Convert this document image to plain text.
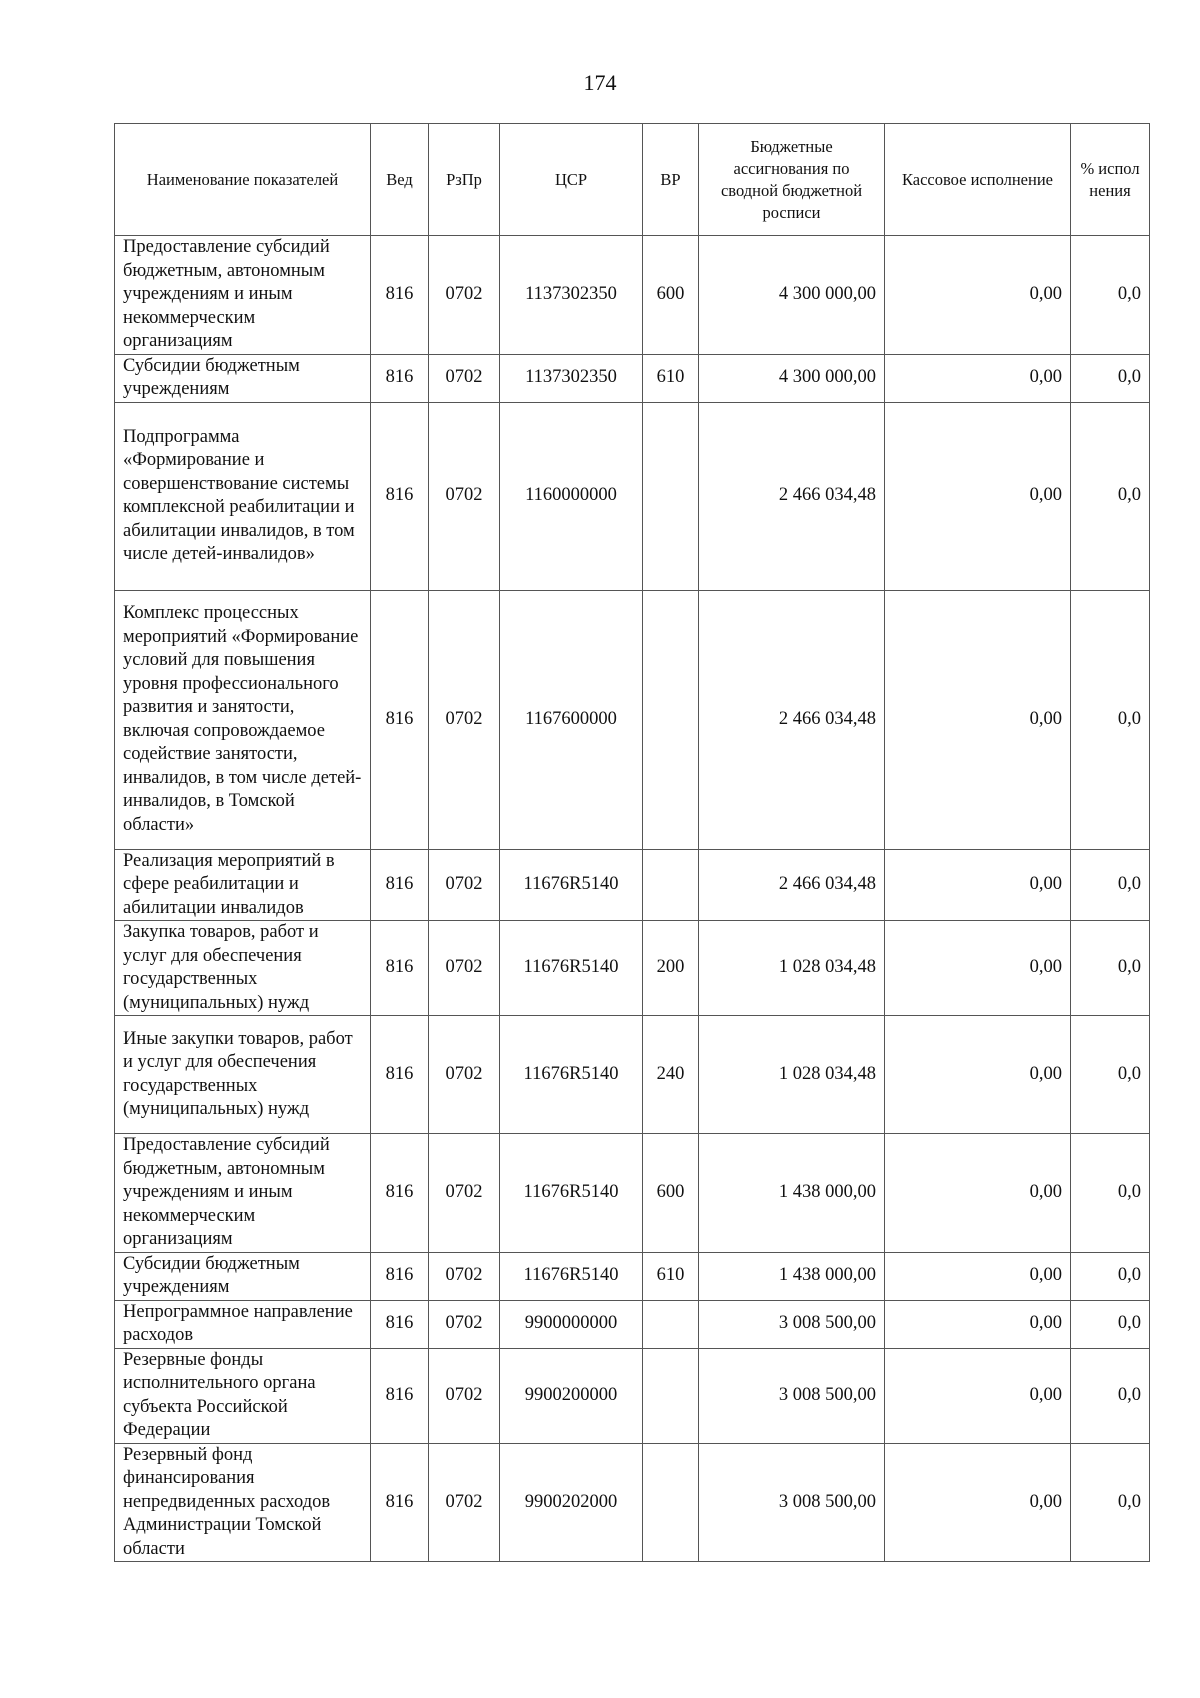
174
Наименование показателей	Вед	РзПр	ЦСР	ВР	Бюджетные ассигнования по сводной бюджетной росписи	Кассовое исполнение	% испол нения
Предоставление субсидий бюджетным, автономным учреждениям и иным некоммерческим организациям	816	0702	1137302350	600	4 300 000,00	0,00	0,0
Субсидии бюджетным учреждениям	816	0702	1137302350	610	4 300 000,00	0,00	0,0
Подпрограмма «Формирование и совершенствование системы комплексной реабилитации и абилитации инвалидов, в том числе детей-инвалидов»	816	0702	1160000000		2 466 034,48	0,00	0,0
Комплекс процессных мероприятий «Формирование условий для повышения уровня профессионального развития и занятости, включая сопровождаемое содействие занятости, инвалидов, в том числе детей-инвалидов, в Томской области»	816	0702	1167600000		2 466 034,48	0,00	0,0
Реализация мероприятий в сфере реабилитации и абилитации инвалидов	816	0702	11676R5140		2 466 034,48	0,00	0,0
Закупка товаров, работ и услуг для обеспечения государственных (муниципальных) нужд	816	0702	11676R5140	200	1 028 034,48	0,00	0,0
Иные закупки товаров, работ и услуг для обеспечения государственных (муниципальных) нужд	816	0702	11676R5140	240	1 028 034,48	0,00	0,0
Предоставление субсидий бюджетным, автономным учреждениям и иным некоммерческим организациям	816	0702	11676R5140	600	1 438 000,00	0,00	0,0
Субсидии бюджетным учреждениям	816	0702	11676R5140	610	1 438 000,00	0,00	0,0
Непрограммное направление расходов	816	0702	9900000000		3 008 500,00	0,00	0,0
Резервные фонды исполнительного органа субъекта Российской Федерации	816	0702	9900200000		3 008 500,00	0,00	0,0
Резервный фонд финансирования непредвиденных расходов Администрации Томской области	816	0702	9900202000		3 008 500,00	0,00	0,0
